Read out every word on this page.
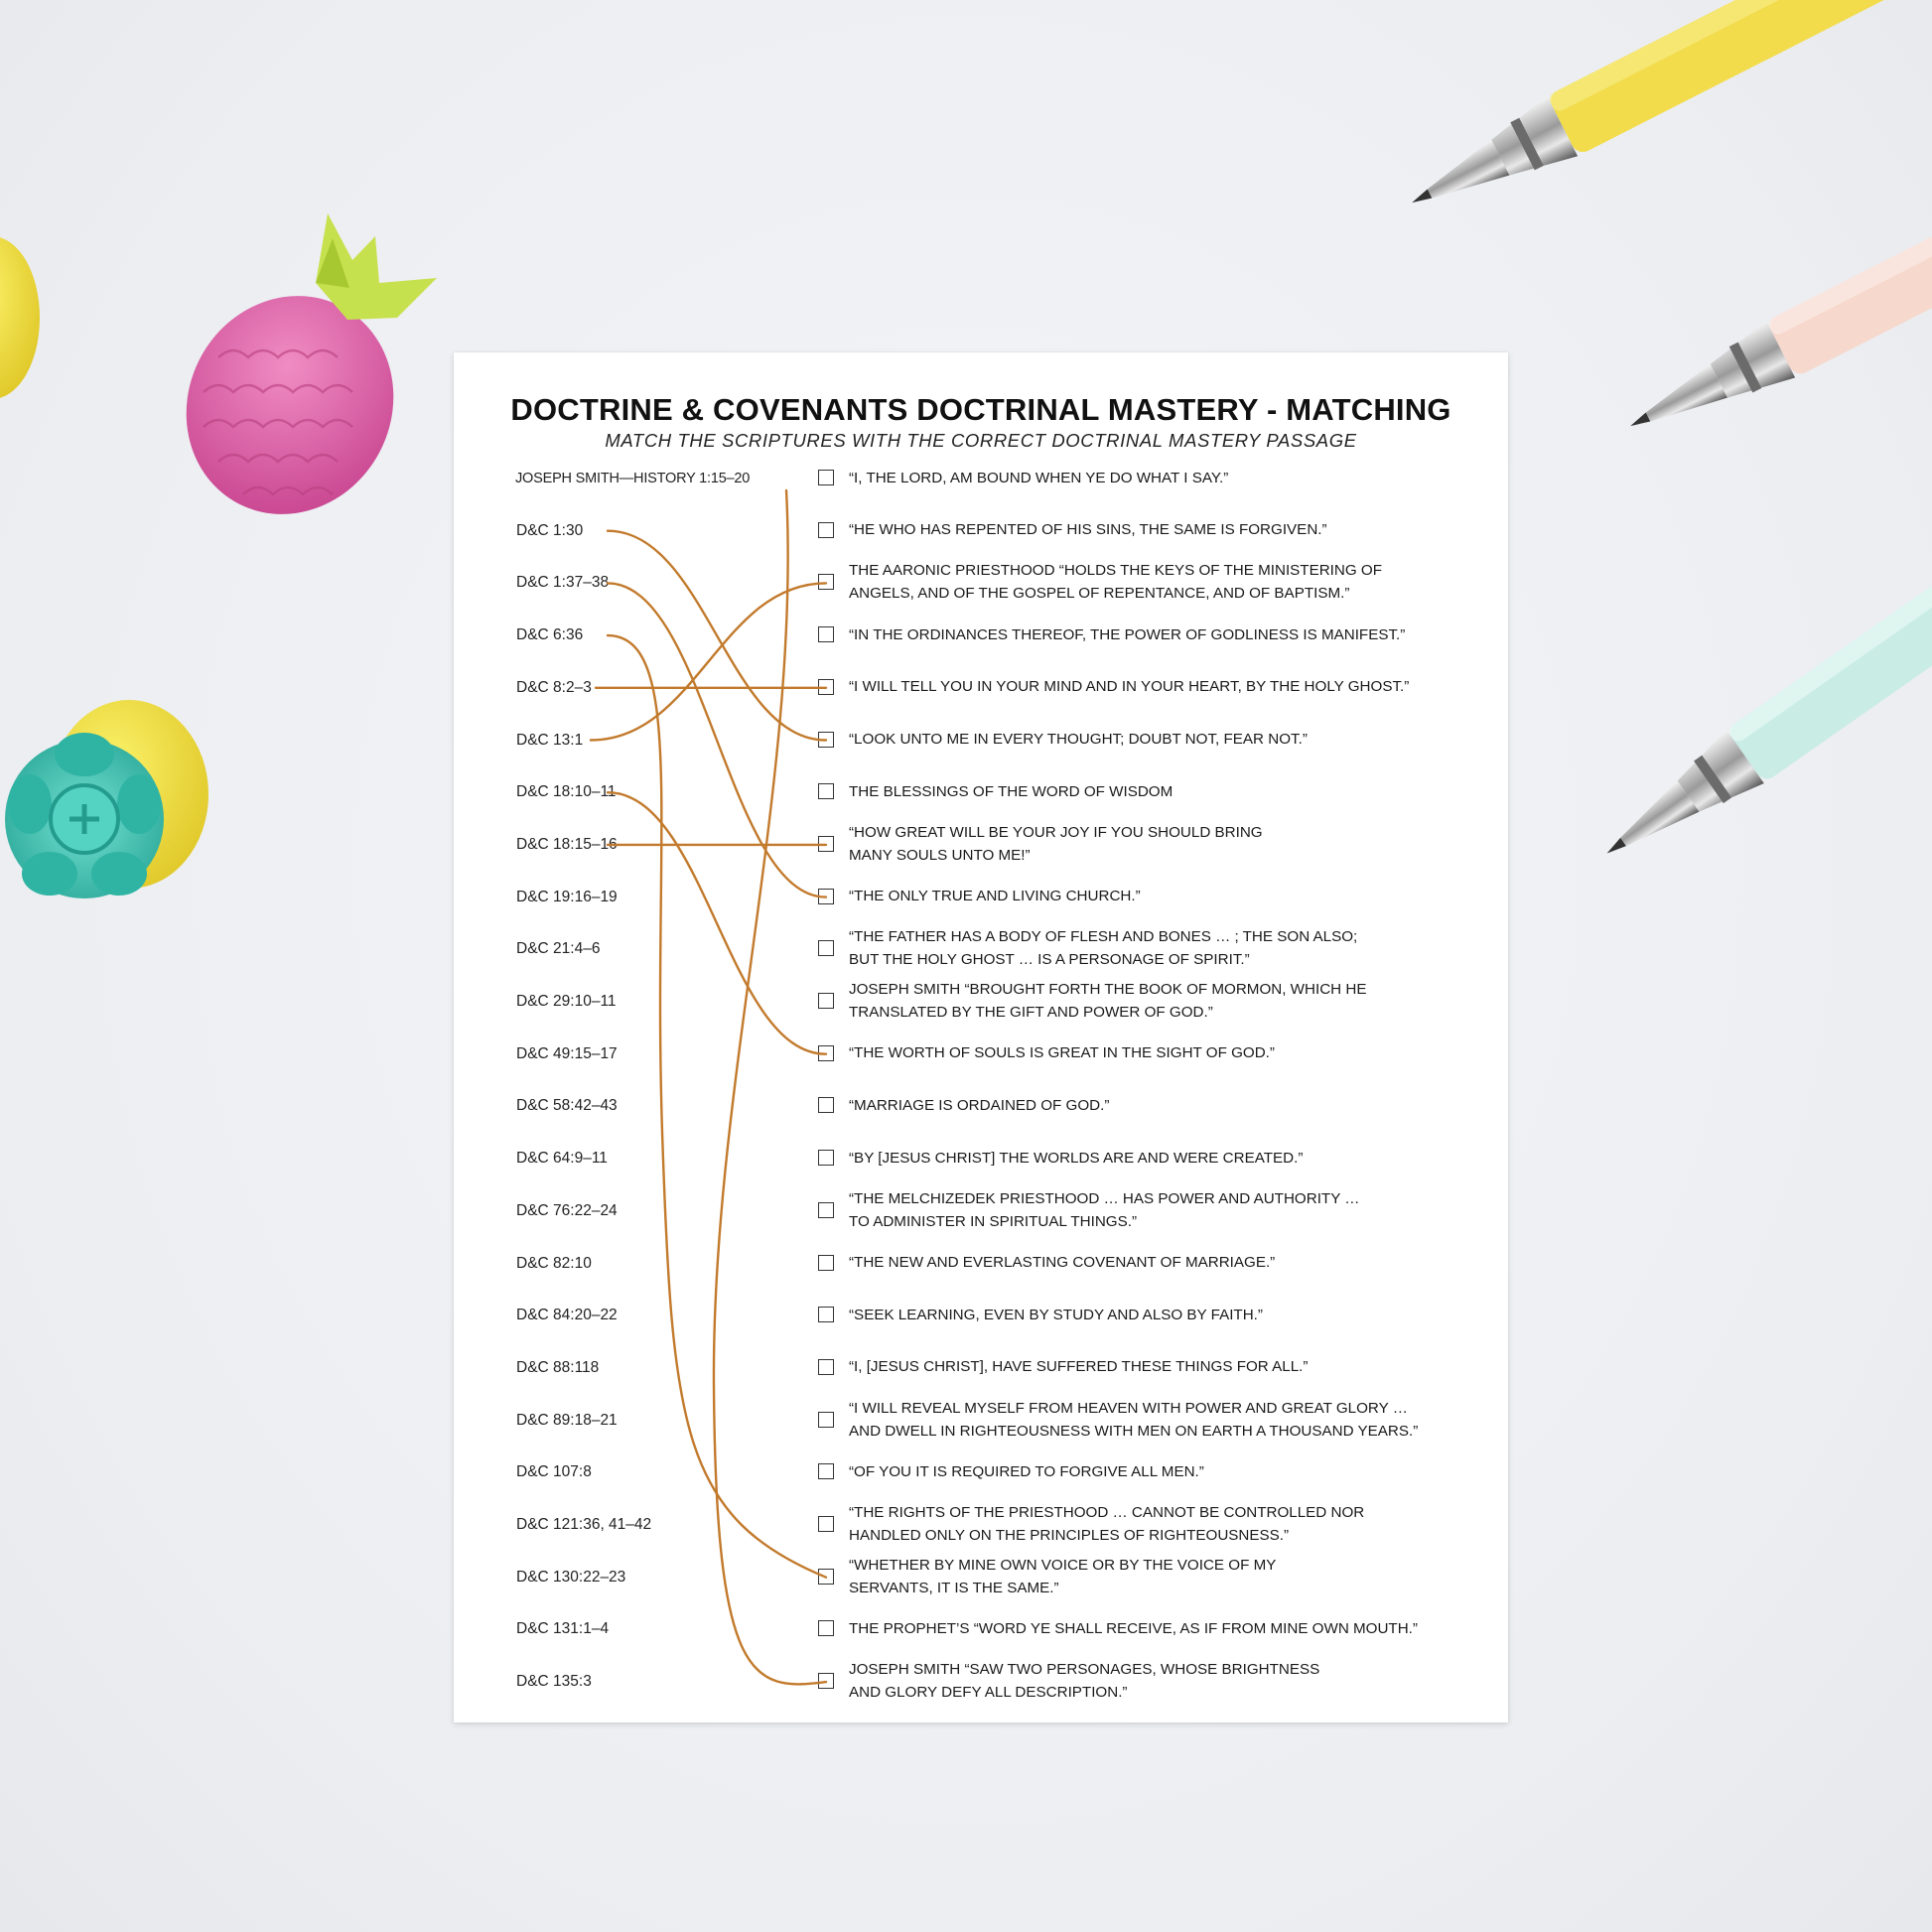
DOCTRINE & COVENANTS DOCTRINAL MASTERY - MATCHING
MATCH THE SCRIPTURES WITH THE CORRECT DOCTRINAL MASTERY PASSAGE
JOSEPH SMITH—HISTORY 1:15–20
D&C 1:30
D&C 1:37–38
D&C 6:36
D&C 8:2–3
D&C 13:1
D&C 18:10–11
D&C 18:15–16
D&C 19:16–19
D&C 21:4–6
D&C 29:10–11
D&C 49:15–17
D&C 58:42–43
D&C 64:9–11
D&C 76:22–24
D&C 82:10
D&C 84:20–22
D&C 88:118
D&C 89:18–21
D&C 107:8
D&C 121:36, 41–42
D&C 130:22–23
D&C 131:1–4
D&C 135:3
“I, THE LORD, AM BOUND WHEN YE DO WHAT I SAY.”
“HE WHO HAS REPENTED OF HIS SINS, THE SAME IS FORGIVEN.”
THE AARONIC PRIESTHOOD “HOLDS THE KEYS OF THE MINISTERING OF
ANGELS, AND OF THE GOSPEL OF REPENTANCE, AND OF BAPTISM.”
“IN THE ORDINANCES THEREOF, THE POWER OF GODLINESS IS MANIFEST.”
“I WILL TELL YOU IN YOUR MIND AND IN YOUR HEART, BY THE HOLY GHOST.”
“LOOK UNTO ME IN EVERY THOUGHT; DOUBT NOT, FEAR NOT.”
THE BLESSINGS OF THE WORD OF WISDOM
“HOW GREAT WILL BE YOUR JOY IF YOU SHOULD BRING
MANY SOULS UNTO ME!”
“THE ONLY TRUE AND LIVING CHURCH.”
“THE FATHER HAS A BODY OF FLESH AND BONES … ; THE SON ALSO;
BUT THE HOLY GHOST … IS A PERSONAGE OF SPIRIT.”
JOSEPH SMITH “BROUGHT FORTH THE BOOK OF MORMON, WHICH HE
TRANSLATED BY THE GIFT AND POWER OF GOD.”
“THE WORTH OF SOULS IS GREAT IN THE SIGHT OF GOD.”
“MARRIAGE IS ORDAINED OF GOD.”
“BY [JESUS CHRIST] THE WORLDS ARE AND WERE CREATED.”
“THE MELCHIZEDEK PRIESTHOOD … HAS POWER AND AUTHORITY …
TO ADMINISTER IN SPIRITUAL THINGS.”
“THE NEW AND EVERLASTING COVENANT OF MARRIAGE.”
“SEEK LEARNING, EVEN BY STUDY AND ALSO BY FAITH.”
“I, [JESUS CHRIST], HAVE SUFFERED THESE THINGS FOR ALL.”
“I WILL REVEAL MYSELF FROM HEAVEN WITH POWER AND GREAT GLORY …
AND DWELL IN RIGHTEOUSNESS WITH MEN ON EARTH A THOUSAND YEARS.”
“OF YOU IT IS REQUIRED TO FORGIVE ALL MEN.”
“THE RIGHTS OF THE PRIESTHOOD … CANNOT BE CONTROLLED NOR
HANDLED ONLY ON THE PRINCIPLES OF RIGHTEOUSNESS.”
“WHETHER BY MINE OWN VOICE OR BY THE VOICE OF MY
SERVANTS, IT IS THE SAME.”
THE PROPHET’S “WORD YE SHALL RECEIVE, AS IF FROM MINE OWN MOUTH.”
JOSEPH SMITH “SAW TWO PERSONAGES, WHOSE BRIGHTNESS
AND GLORY DEFY ALL DESCRIPTION.”
